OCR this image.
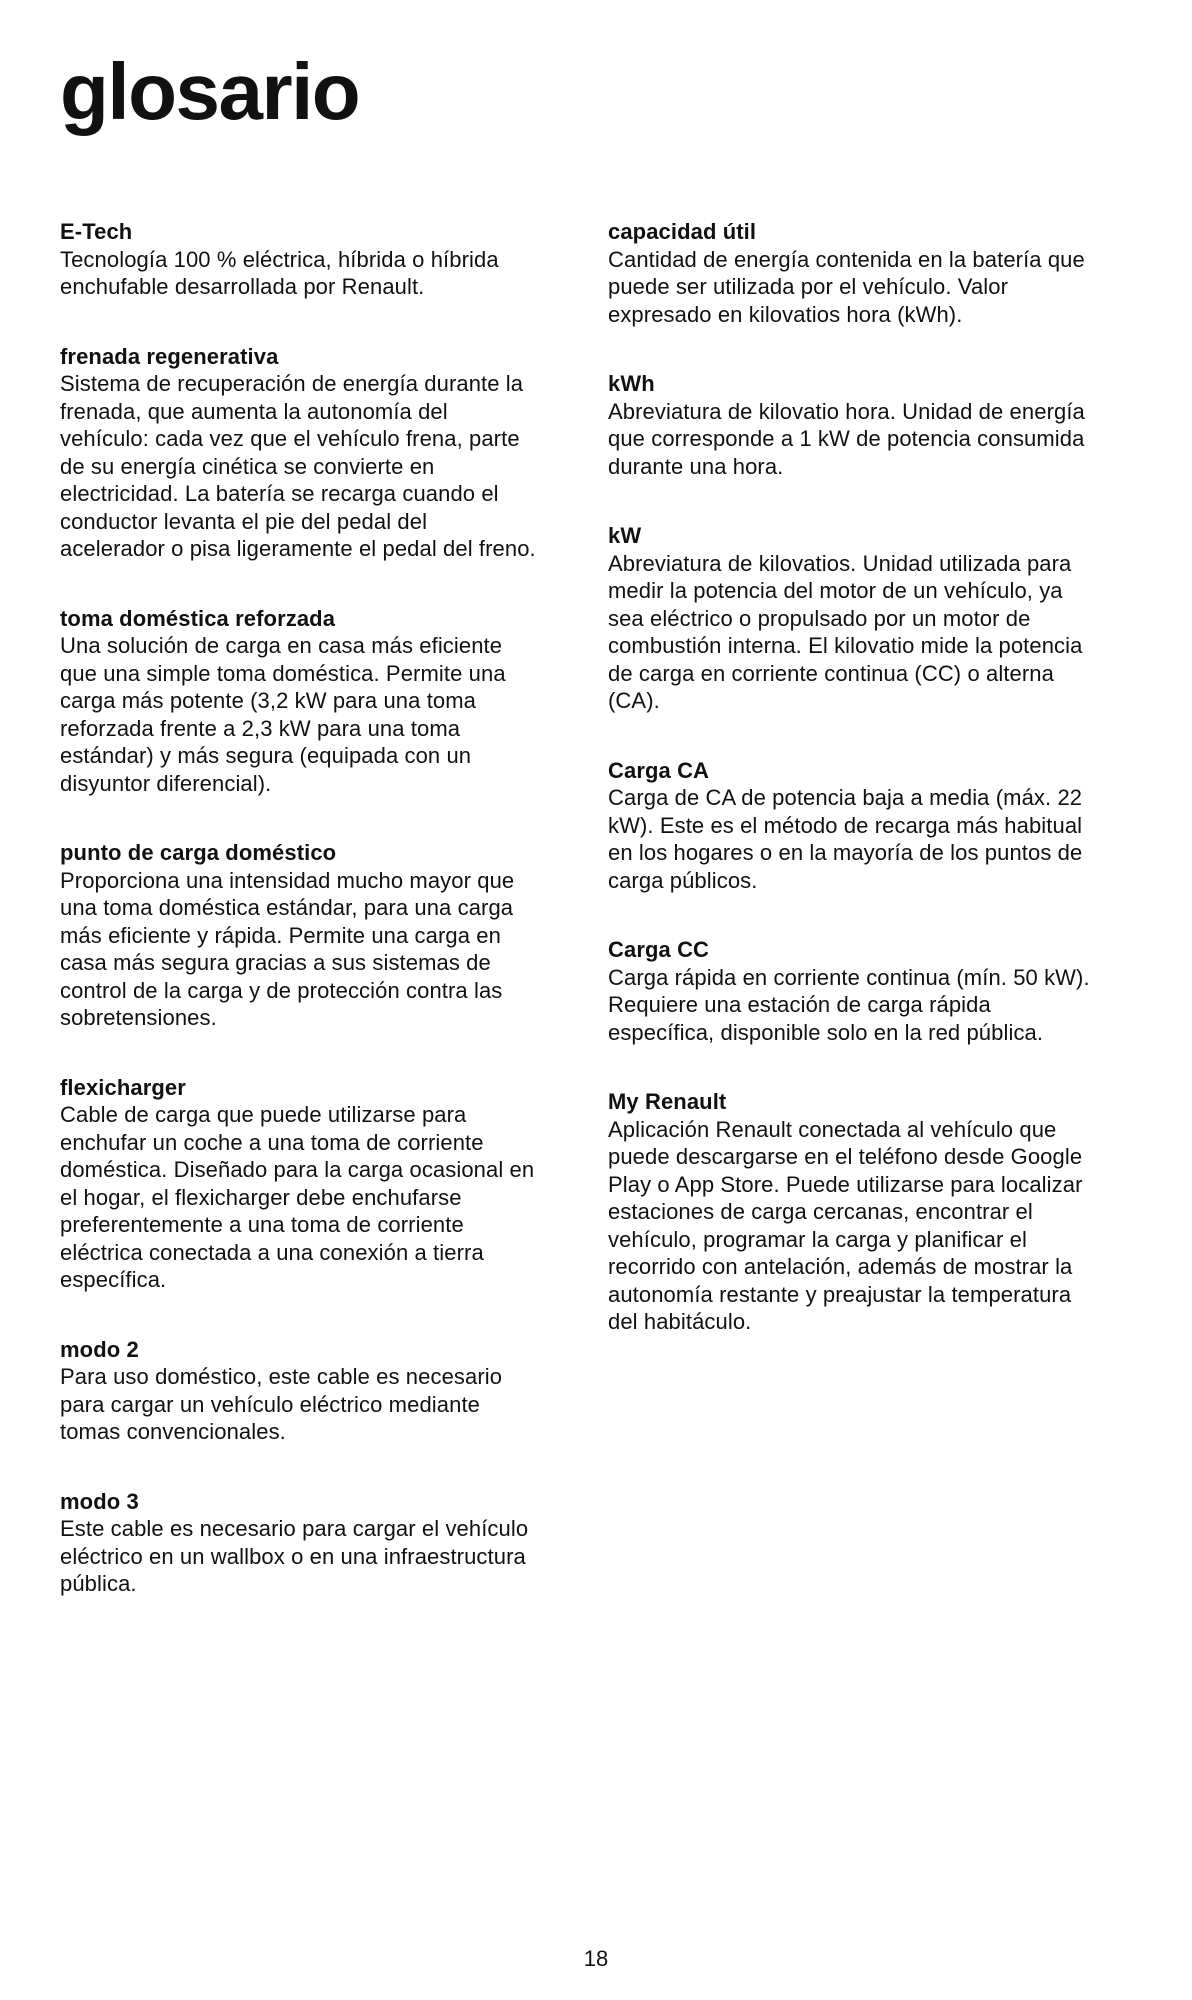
glosario
E-Tech

Tecnología 100 % eléctrica, híbrida o híbrida enchufable desarrollada por Renault.

frenada regenerativa

Sistema de recuperación de energía durante la frenada, que aumenta la autonomía del vehículo: cada vez que el vehículo frena, parte de su energía cinética se convierte en electricidad. La batería se recarga cuando el conductor levanta el pie del pedal del acelerador o pisa ligeramente el pedal del freno.

toma doméstica reforzada

Una solución de carga en casa más eficiente que una simple toma doméstica. Permite una carga más potente (3,2 kW para una toma reforzada frente a 2,3 kW para una toma estándar) y más segura (equipada con un disyuntor diferencial).

punto de carga doméstico

Proporciona una intensidad mucho mayor que una toma doméstica estándar, para una carga más eficiente y rápida. Permite una carga en casa más segura gracias a sus sistemas de control de la carga y de protección contra las sobretensiones.

flexicharger

Cable de carga que puede utilizarse para enchufar un coche a una toma de corriente doméstica. Diseñado para la carga ocasional en el hogar, el flexicharger debe enchufarse preferentemente a una toma de corriente eléctrica conectada a una conexión a tierra específica.

modo 2

Para uso doméstico, este cable es necesario para cargar un vehículo eléctrico mediante tomas convencionales.

modo 3

Este cable es necesario para cargar el vehículo eléctrico en un wallbox o en una infraestructura pública.

capacidad útil

Cantidad de energía contenida en la batería que puede ser utilizada por el vehículo. Valor expresado en kilovatios hora (kWh).

kWh

Abreviatura de kilovatio hora. Unidad de energía que corresponde a 1 kW de potencia consumida durante una hora.

kW

Abreviatura de kilovatios. Unidad utilizada para medir la potencia del motor de un vehículo, ya sea eléctrico o propulsado por un motor de combustión interna. El kilovatio mide la potencia de carga en corriente continua (CC) o alterna (CA).

Carga CA

Carga de CA de potencia baja a media (máx. 22 kW). Este es el método de recarga más habitual en los hogares o en la mayoría de los puntos de carga públicos.

Carga CC

Carga rápida en corriente continua (mín. 50 kW). Requiere una estación de carga rápida específica, disponible solo en la red pública.

My Renault

Aplicación Renault conectada al vehículo que puede descargarse en el teléfono desde Google Play o App Store. Puede utilizarse para localizar estaciones de carga cercanas, encontrar el vehículo, programar la carga y planificar el recorrido con antelación, además de mostrar la autonomía restante y preajustar la temperatura del habitáculo.

18
